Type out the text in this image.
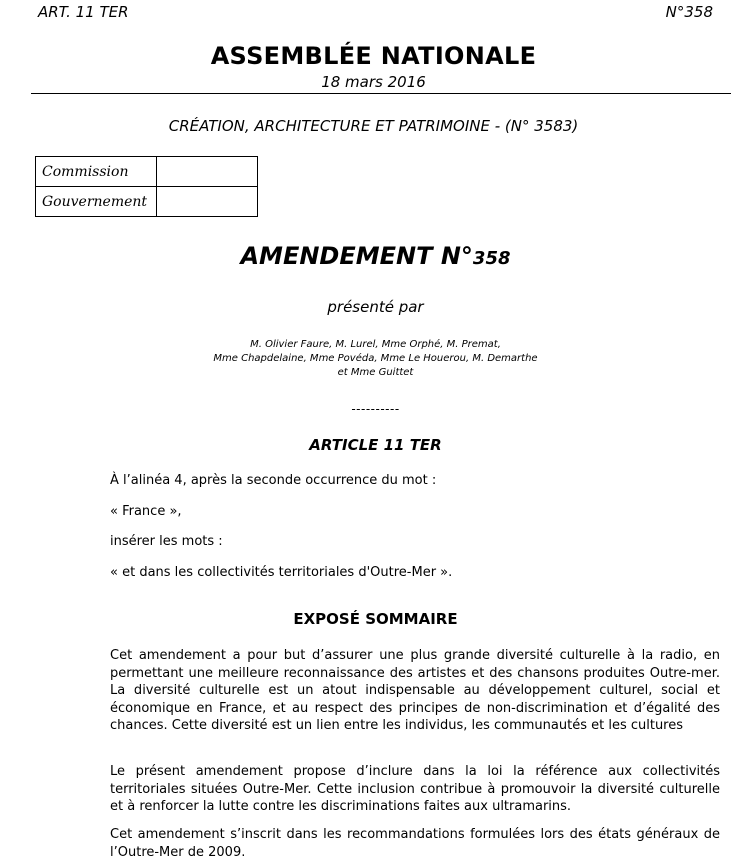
ART. 11 TER	N°358
ASSEMBLÉE NATIONALE
18 mars 2016
CRÉATION, ARCHITECTURE ET PATRIMOINE - (N° 3583)
Commission	
Gouvernement	
AMENDEMENT N°358
présenté par
M. Olivier Faure, M. Lurel, Mme Orphé, M. Premat,
Mme Chapdelaine, Mme Povéda, Mme Le Houerou, M. Demarthe
et Mme Guittet
----------
ARTICLE 11 TER
À l’alinéa 4, après la seconde occurrence du mot :
« France »,
insérer les mots :
« et dans les collectivités territoriales d'Outre-Mer ».
EXPOSÉ SOMMAIRE
Cet amendement a pour but d’assurer une plus grande diversité culturelle à la radio, en permettant une meilleure reconnaissance des artistes et des chansons produites Outre-mer. La diversité culturelle est un atout indispensable au développement culturel, social et économique en France, et au respect des principes de non-discrimination et d’égalité des chances. Cette diversité est un lien entre les individus, les communautés et les cultures
Le présent amendement propose d’inclure dans la loi la référence aux collectivités territoriales situées Outre-Mer. Cette inclusion contribue à promouvoir la diversité culturelle et à renforcer la lutte contre les discriminations faites aux ultramarins.
Cet amendement s’inscrit dans les recommandations formulées lors des états généraux de l’Outre-Mer de 2009.
